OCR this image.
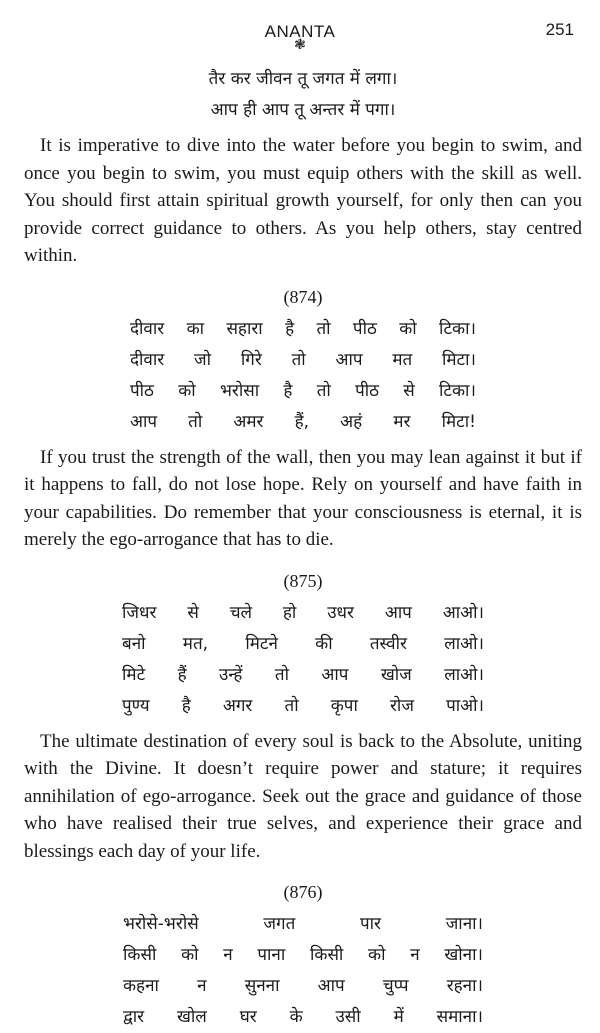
ANANTA
❃
251
तैर कर जीवन तू जगत में लगा।
आप ही आप तू अन्तर में पगा।

It is imperative to dive into the water before you begin to swim, and once you begin to swim, you must equip others with the skill as well. You should first attain spiritual growth yourself, for only then can you provide correct guidance to others. As you help others, stay centred within.

(874)
दीवार का सहारा है तो पीठ को टिका।
दीवार जो गिरे तो आप मत मिटा।
पीठ को भरोसा है तो पीठ से टिका।
आप तो अमर हैं, अहं मर मिटा!

If you trust the strength of the wall, then you may lean against it but if it happens to fall, do not lose hope. Rely on yourself and have faith in your capabilities. Do remember that your consciousness is eternal, it is merely the ego-arrogance that has to die.

(875)
जिधर से चले हो उधर आप आओ।
बनो मत, मिटने की तस्वीर लाओ।
मिटे हैं उन्हें तो आप खोज लाओ।
पुण्य है अगर तो कृपा रोज पाओ।

The ultimate destination of every soul is back to the Absolute, uniting with the Divine. It doesn’t require power and stature; it requires annihilation of ego-arrogance. Seek out the grace and guidance of those who have realised their true selves, and experience their grace and blessings each day of your life.

(876)
भरोसे-भरोसे	जगत	पार	जाना।
किसी को न पाना किसी को न खोना।
कहना न सुनना आप चुप्प रहना।
द्वार खोल घर के उसी में समाना।
